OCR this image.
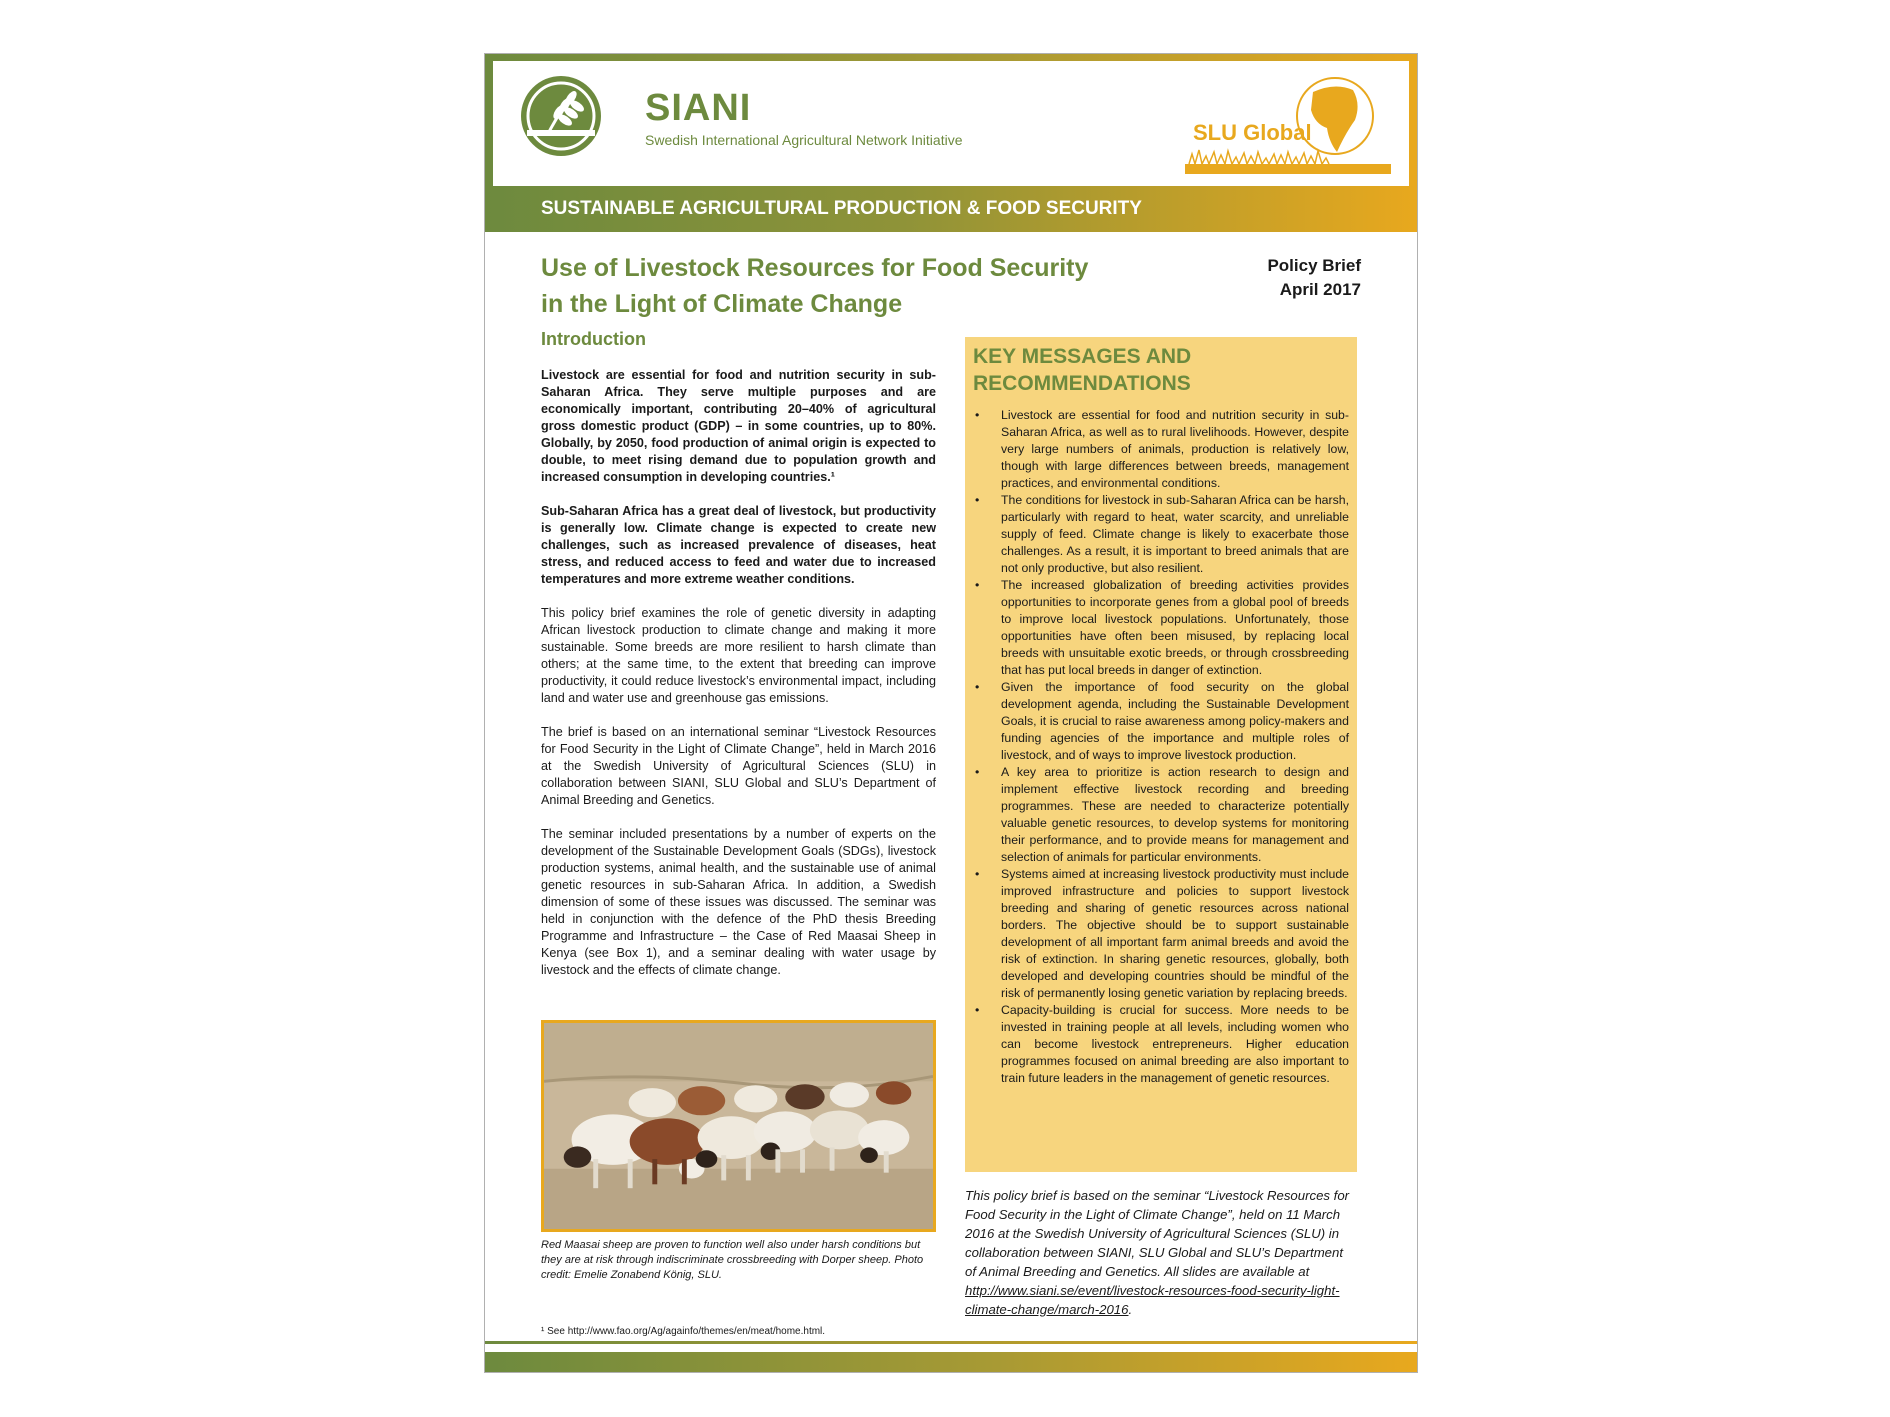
SIANI
Swedish International Agricultural Network Initiative	SLU Global
SUSTAINABLE AGRICULTURAL PRODUCTION & FOOD SECURITY
Use of Livestock Resources for Food Security
in the Light of Climate Change
Policy Brief
April 2017
Introduction

Livestock are essential for food and nutrition security in sub-Saharan Africa. They serve multiple purposes and are economically important, contributing 20–40% of agricultural gross domestic product (GDP) – in some countries, up to 80%. Globally, by 2050, food production of animal origin is expected to double, to meet rising demand due to population growth and increased consumption in developing countries.¹

Sub-Saharan Africa has a great deal of livestock, but productivity is generally low. Climate change is expected to create new challenges, such as increased prevalence of diseases, heat stress, and reduced access to feed and water due to increased temperatures and more extreme weather conditions.

This policy brief examines the role of genetic diversity in adapting African livestock production to climate change and making it more sustainable. Some breeds are more resilient to harsh climate than others; at the same time, to the extent that breeding can improve productivity, it could reduce livestock’s environmental impact, including land and water use and greenhouse gas emissions.

The brief is based on an international seminar “Livestock Resources for Food Security in the Light of Climate Change”, held in March 2016 at the Swedish University of Agricultural Sciences (SLU) in collaboration between SIANI, SLU Global and SLU’s Department of Animal Breeding and Genetics.

The seminar included presentations by a number of experts on the development of the Sustainable Development Goals (SDGs), livestock production systems, animal health, and the sustainable use of animal genetic resources in sub-Saharan Africa. In addition, a Swedish dimension of some of these issues was discussed. The seminar was held in conjunction with the defence of the PhD thesis Breeding Programme and Infrastructure – the Case of Red Maasai Sheep in Kenya (see Box 1), and a seminar dealing with water usage by livestock and the effects of climate change.

Red Maasai sheep are proven to function well also under harsh conditions but they are at risk through indiscriminate crossbreeding with Dorper sheep. Photo credit: Emelie Zonabend König, SLU.
¹ See http://www.fao.org/Ag/againfo/themes/en/meat/home.html.
KEY MESSAGES AND
RECOMMENDATIONS
• Livestock are essential for food and nutrition security in sub-Saharan Africa, as well as to rural livelihoods. However, despite very large numbers of animals, production is relatively low, though with large differences between breeds, management practices, and environmental conditions.
• The conditions for livestock in sub-Saharan Africa can be harsh, particularly with regard to heat, water scarcity, and unreliable supply of feed. Climate change is likely to exacerbate those challenges. As a result, it is important to breed animals that are not only productive, but also resilient.
• The increased globalization of breeding activities provides opportunities to incorporate genes from a global pool of breeds to improve local livestock populations. Unfortunately, those opportunities have often been misused, by replacing local breeds with unsuitable exotic breeds, or through crossbreeding that has put local breeds in danger of extinction.
• Given the importance of food security on the global development agenda, including the Sustainable Development Goals, it is crucial to raise awareness among policy-makers and funding agencies of the importance and multiple roles of livestock, and of ways to improve livestock production.
• A key area to prioritize is action research to design and implement effective livestock recording and breeding programmes. These are needed to characterize potentially valuable genetic resources, to develop systems for monitoring their performance, and to provide means for management and selection of animals for particular environments.
• Systems aimed at increasing livestock productivity must include improved infrastructure and policies to support livestock breeding and sharing of genetic resources across national borders. The objective should be to support sustainable development of all important farm animal breeds and avoid the risk of extinction. In sharing genetic resources, globally, both developed and developing countries should be mindful of the risk of permanently losing genetic variation by replacing breeds.
• Capacity-building is crucial for success. More needs to be invested in training people at all levels, including women who can become livestock entrepreneurs. Higher education programmes focused on animal breeding are also important to train future leaders in the management of genetic resources.
This policy brief is based on the seminar “Livestock Resources for Food Security in the Light of Climate Change”, held on 11 March 2016 at the Swedish University of Agricultural Sciences (SLU) in collaboration between SIANI, SLU Global and SLU’s Department of Animal Breeding and Genetics. All slides are available at http://www.siani.se/event/livestock-resources-food-security-light-climate-change/march-2016.
